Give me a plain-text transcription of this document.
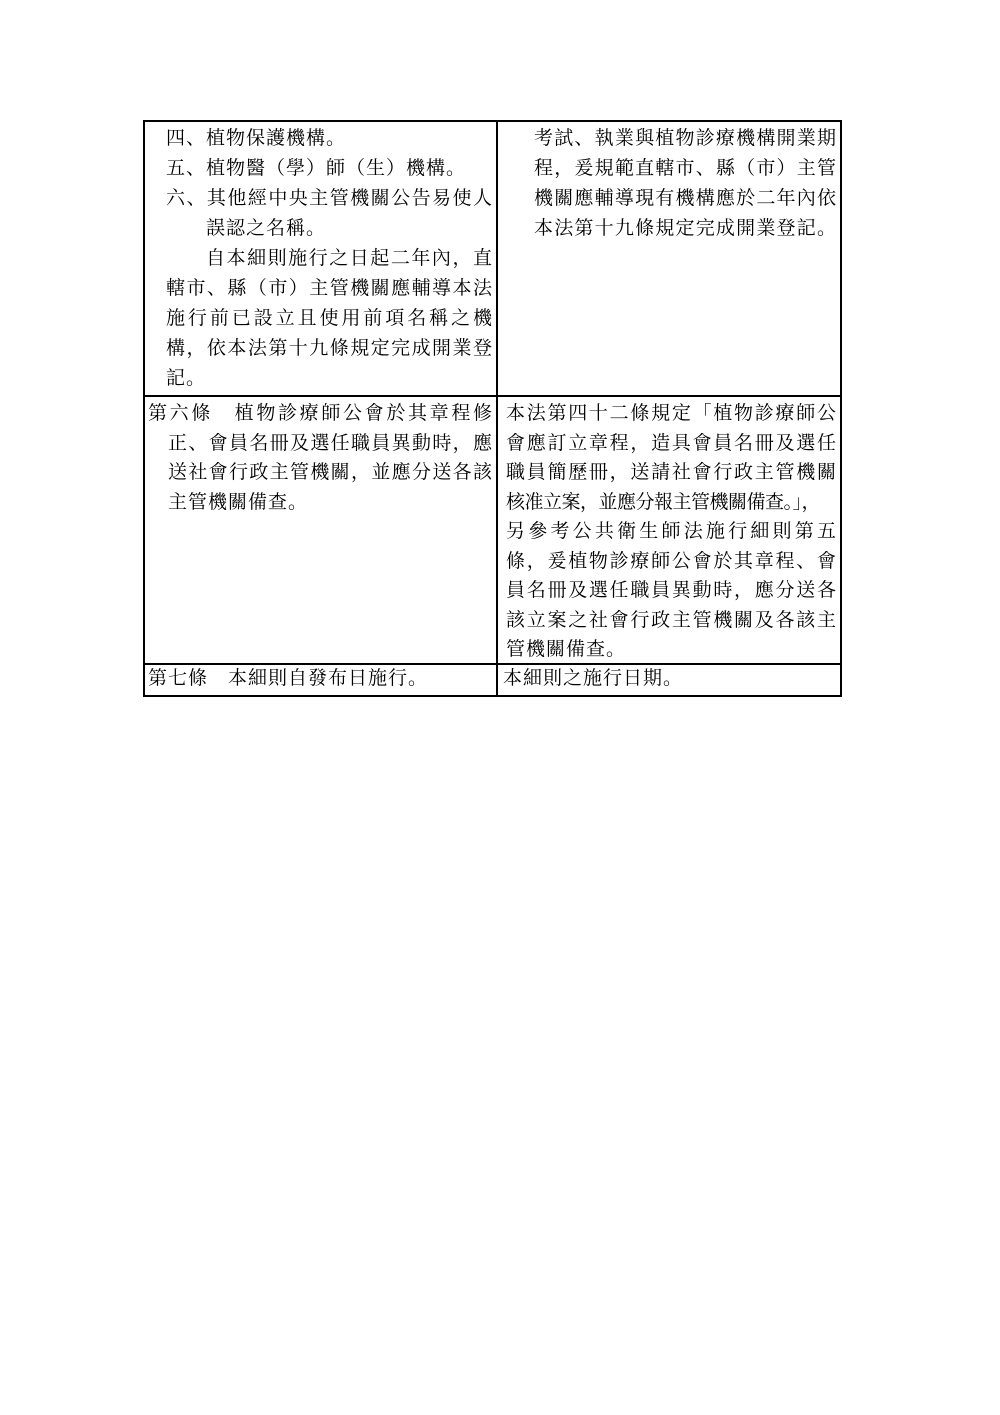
四、植物保護機構。
五、植物醫（學）師（生）機構。
六、其他經中央主管機關公告易使人
誤認之名稱。
自本細則施行之日起二年內，直
轄市、縣（市）主管機關應輔導本法
施行前已設立且使用前項名稱之機
構，依本法第十九條規定完成開業登
記。
考試、執業與植物診療機構開業期
程，爰規範直轄市、縣（市）主管
機關應輔導現有機構應於二年內依
本法第十九條規定完成開業登記。
第六條　植物診療師公會於其章程修
正、會員名冊及選任職員異動時，應
送社會行政主管機關，並應分送各該
主管機關備查。
本法第四十二條規定「植物診療師公
會應訂立章程，造具會員名冊及選任
職員簡歷冊，送請社會行政主管機關
核准立案，並應分報主管機關備查。」，
另參考公共衛生師法施行細則第五
條，爰植物診療師公會於其章程、會
員名冊及選任職員異動時，應分送各
該立案之社會行政主管機關及各該主
管機關備查。
第七條　本細則自發布日施行。	本細則之施行日期。
